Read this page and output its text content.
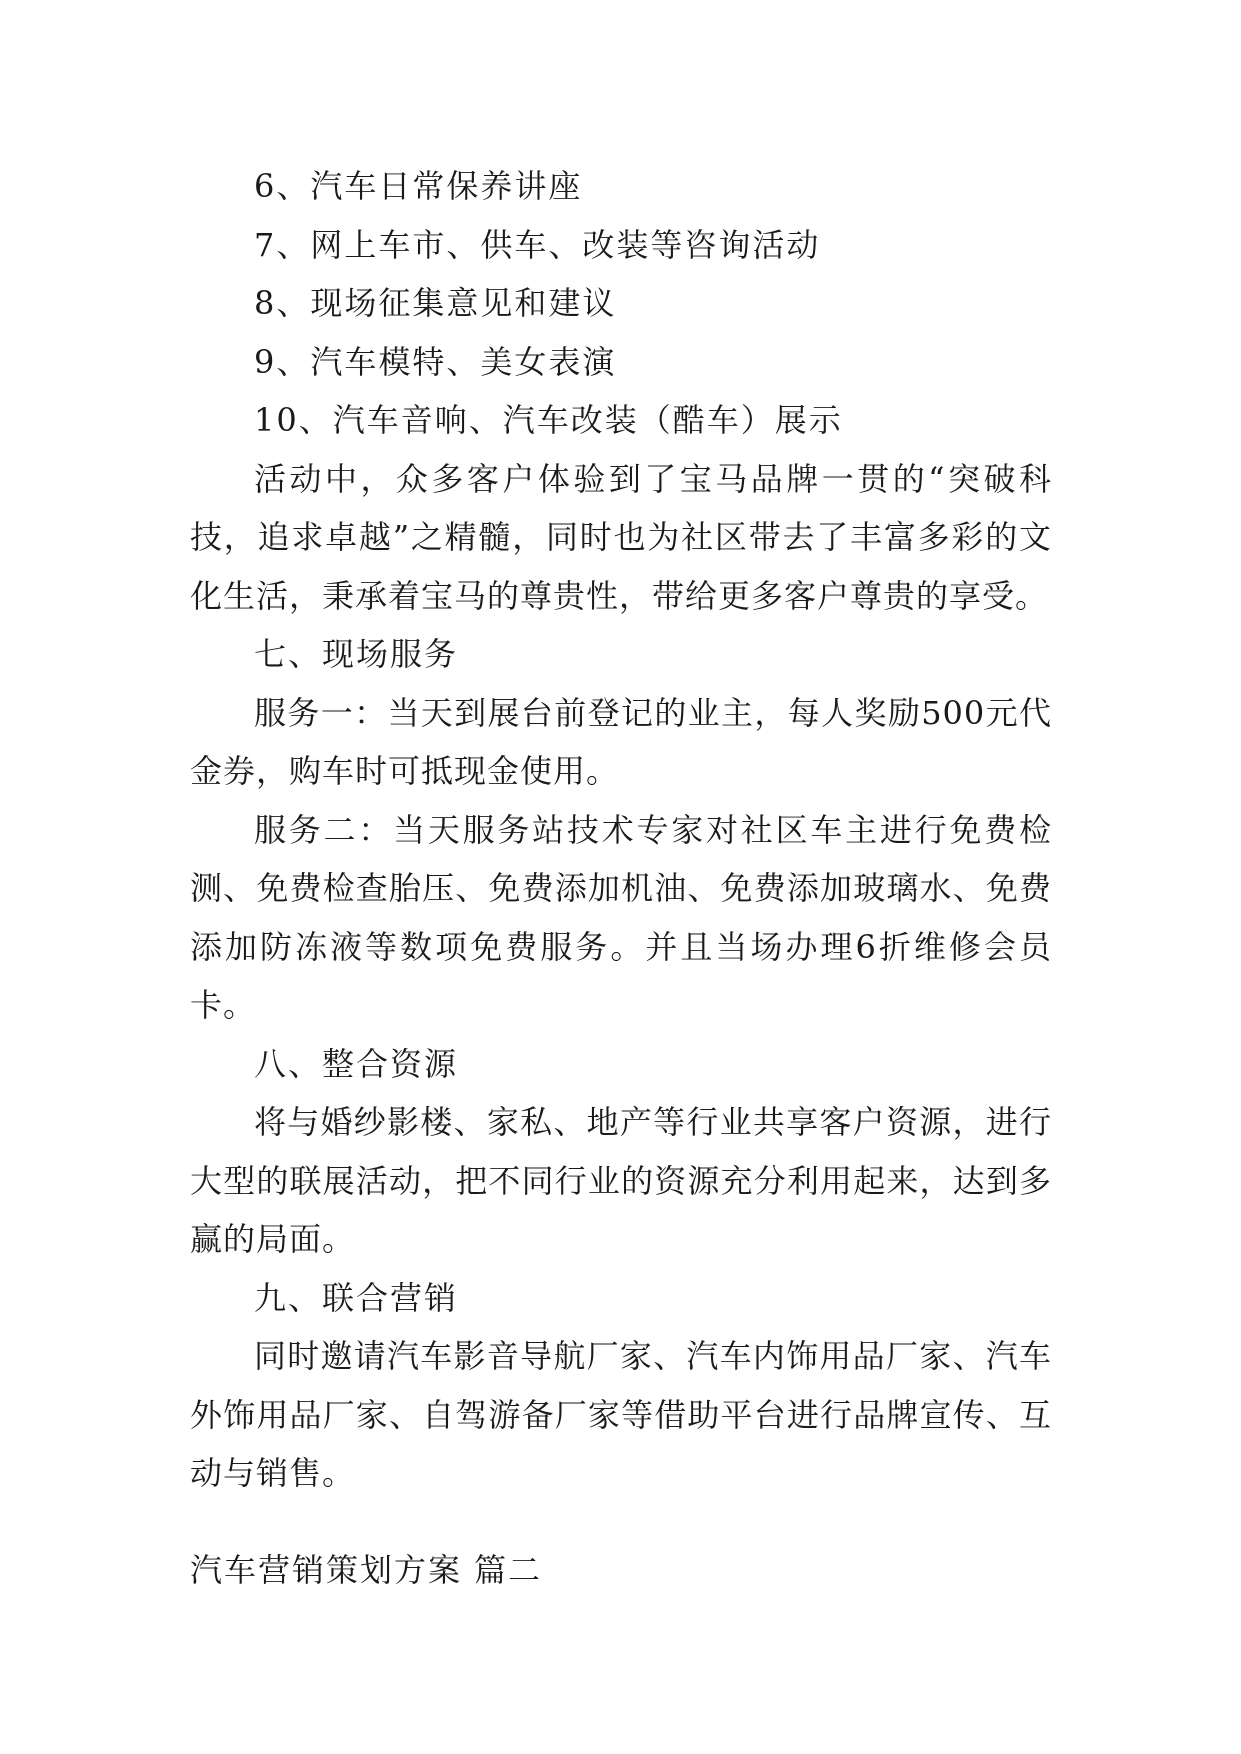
6、汽车日常保养讲座
7、网上车市、供车、改装等咨询活动
8、现场征集意见和建议
9、汽车模特、美女表演
10、汽车音响、汽车改装（酷车）展示
活动中，众多客户体验到了宝马品牌一贯的“突破科技，追求卓越”之精髓，同时也为社区带去了丰富多彩的文化生活，秉承着宝马的尊贵性，带给更多客户尊贵的享受。
七、现场服务
服务一：当天到展台前登记的业主，每人奖励500元代金券，购车时可抵现金使用。
服务二：当天服务站技术专家对社区车主进行免费检测、免费检查胎压、免费添加机油、免费添加玻璃水、免费添加防冻液等数项免费服务。并且当场办理6折维修会员卡。
八、整合资源
将与婚纱影楼、家私、地产等行业共享客户资源，进行大型的联展活动，把不同行业的资源充分利用起来，达到多赢的局面。
九、联合营销
同时邀请汽车影音导航厂家、汽车内饰用品厂家、汽车外饰用品厂家、自驾游备厂家等借助平台进行品牌宣传、互动与销售。
汽车营销策划方案 篇二
